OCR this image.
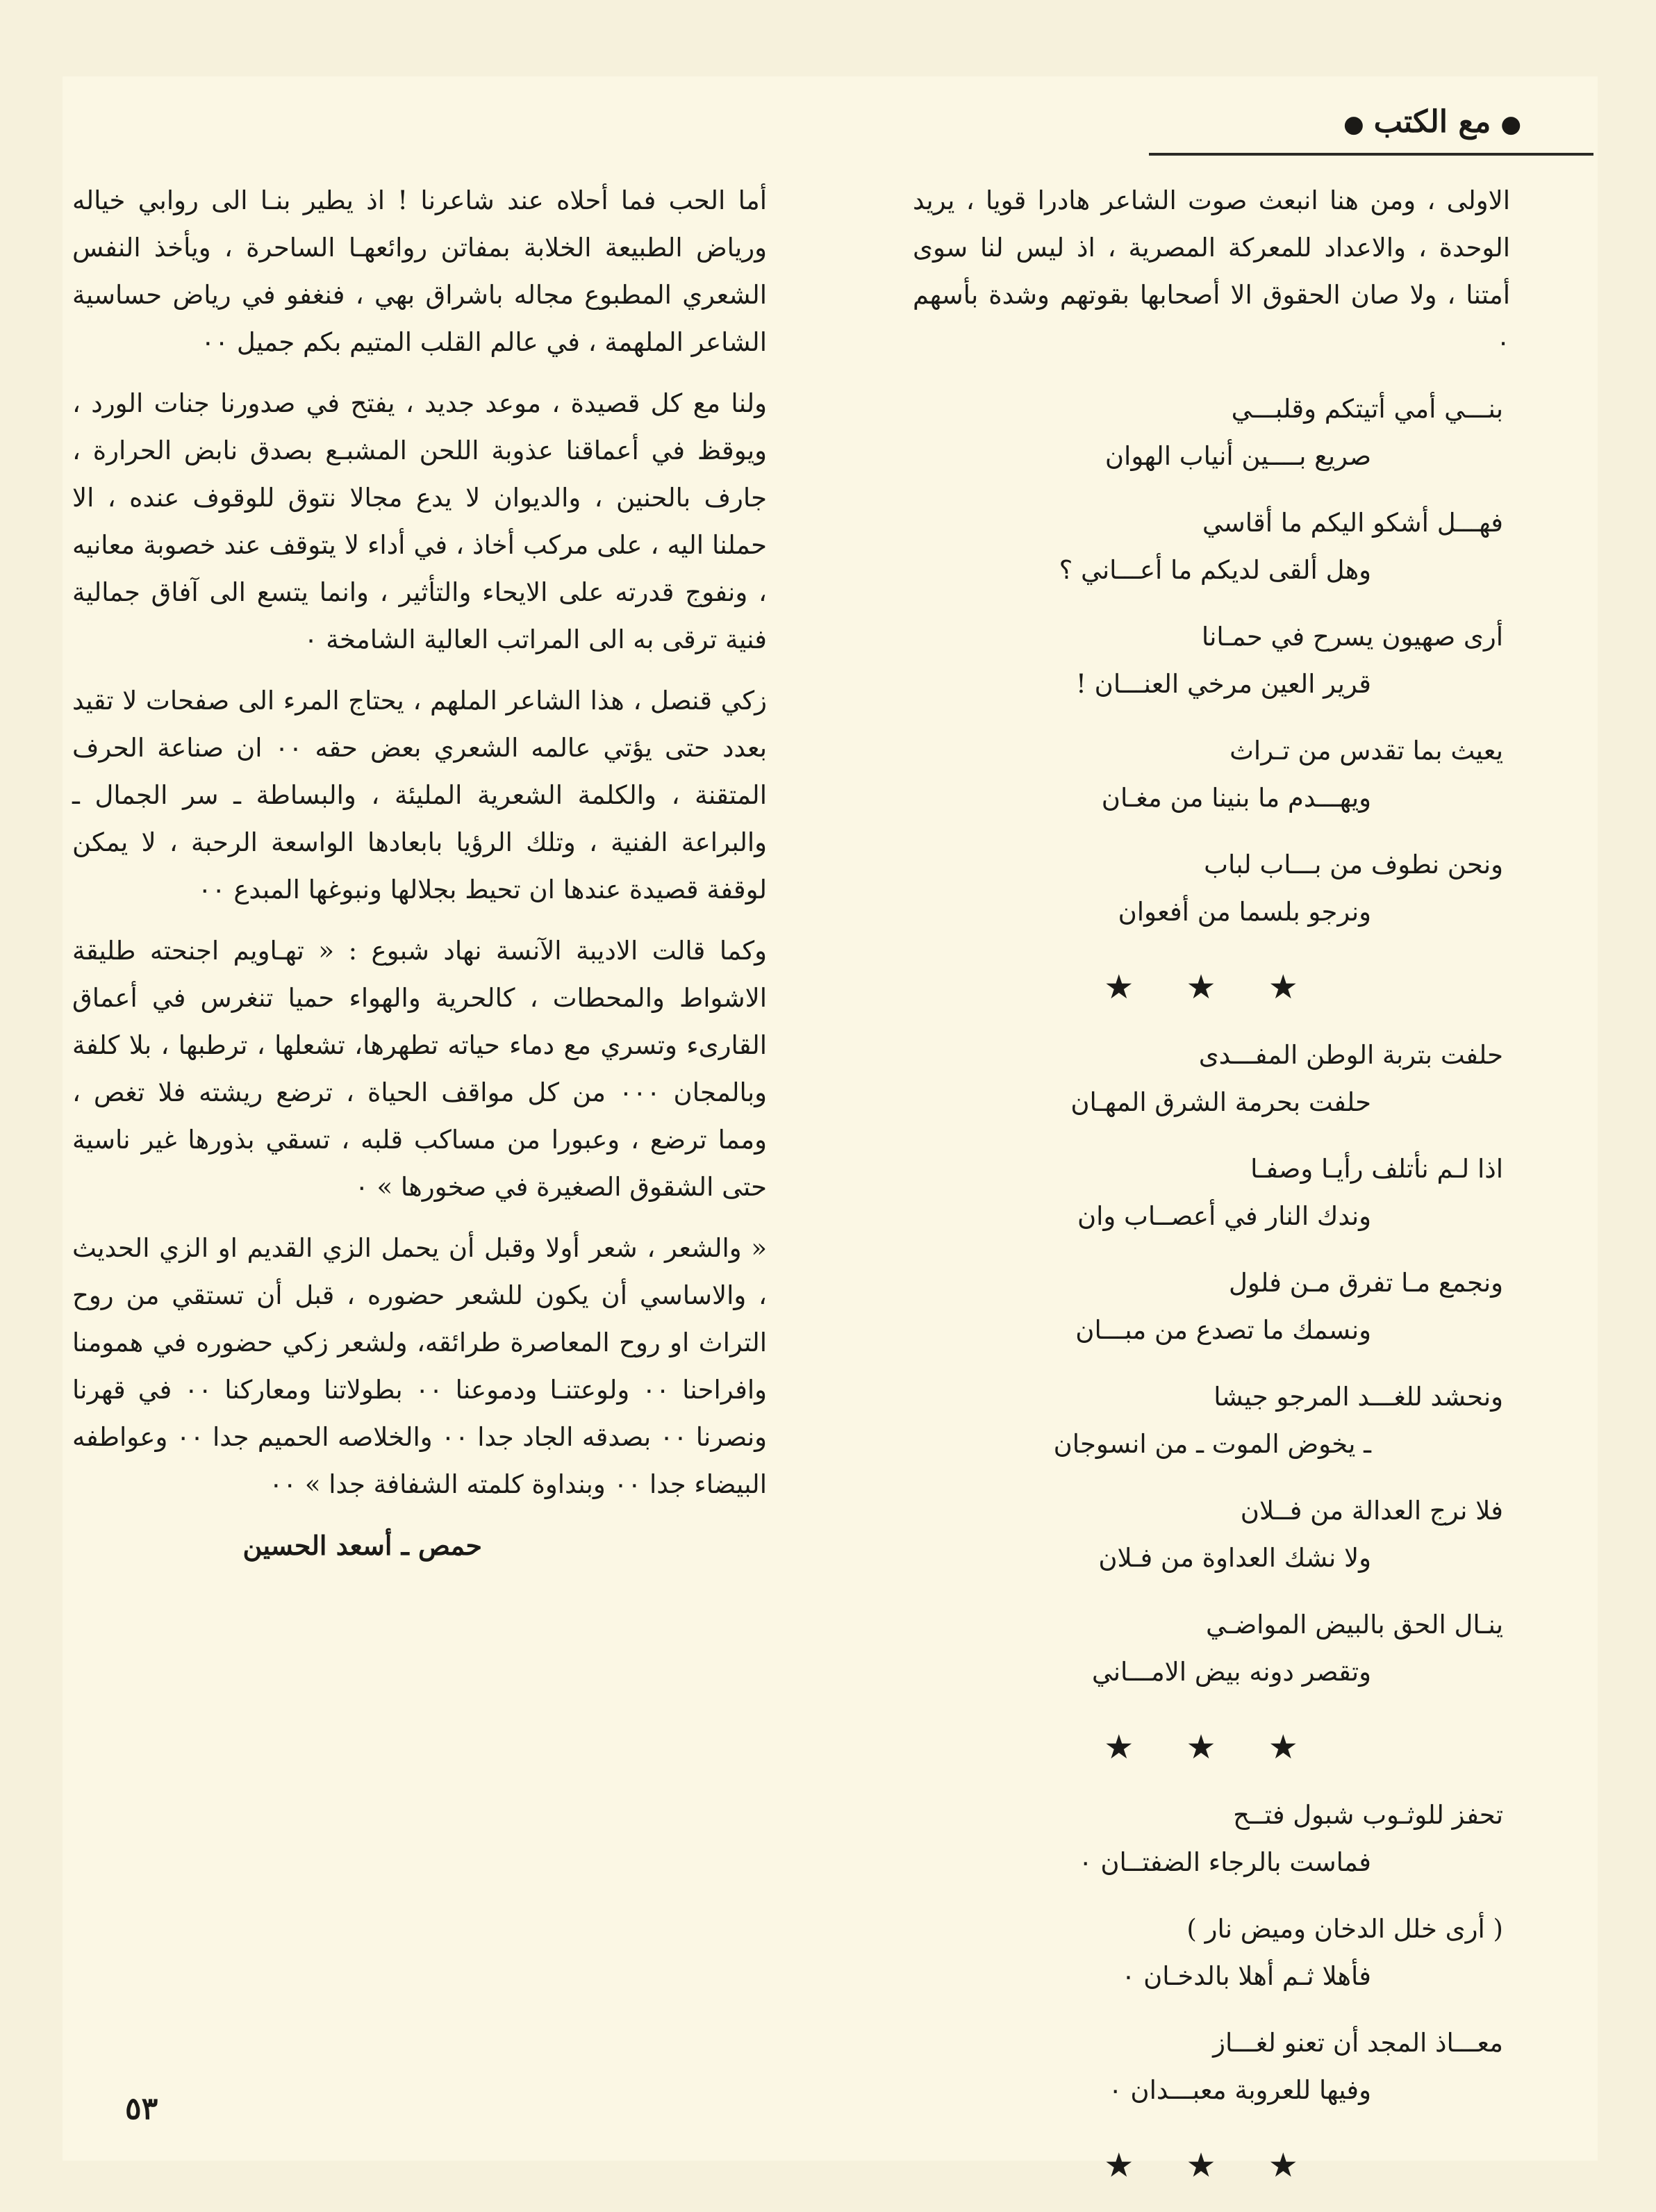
●مع الكتب●

الاولى ، ومن هنا انبعث صوت الشاعر هادرا قويا ، يريد الوحدة ، والاعداد للمعركة المصرية ، اذ ليس لنا سوى أمتنا ، ولا صان الحقوق الا أصحابها بقوتهم وشدة بأسهم ٠

بنـــي أمي أتيتكم وقلبـــي
صريع بــــين أنياب الهوان
فهـــل أشكو اليكم ما أقاسي
وهل ألقى لديكم ما أعـــاني ؟
أرى صهيون يسرح في حمـانا
قرير العين مرخي العنـــان !
يعيث بما تقدس من تـراث
ويهـــدم ما بنينا من مغـان
ونحن نطوف من بـــاب لباب
ونرجو بلسما من أفعوان
★ ★ ★
حلفت بتربة الوطن المفـــدى
حلفت بحرمة الشرق المهـان
اذا لـم نأتلف رأيـا وصفـا
وندك النار في أعصــاب وان
ونجمع مـا تفرق مـن فلول
ونسمك ما تصدع من مبـــان
ونحشد للغـــد المرجو جيشا
ـ يخوض الموت ـ من انسوجان
فلا نرج العدالة من فــلان
ولا نشك العداوة من فـلان
ينـال الحق بالبيض المواضـي
وتقصر دونه بيض الامـــاني
★ ★ ★
تحفز للوثـوب شبول فتــح
فماست بالرجاء الضفتــان ٠
( أرى خلل الدخان وميض نار )
فأهلا ثـم أهلا بالدخـان ٠
معـــاذ المجد أن تعنو لغـــاز
وفيها للعروبة معبـــدان ٠
★ ★ ★

أما الحب فما أحلاه عند شاعرنا ! اذ يطير بنـا الى روابي خياله ورياض الطبيعة الخلابة بمفاتن روائعهـا الساحرة ، ويأخذ النفس الشعري المطبوع مجاله باشراق بهي ، فنغفو في رياض حساسية الشاعر الملهمة ، في عالم القلب المتيم بكم جميل ٠٠

ولنا مع كل قصيدة ، موعد جديد ، يفتح في صدورنا جنات الورد ، ويوقظ في أعماقنا عذوبة اللحن المشبـع بصدق نابض الحرارة ، جارف بالحنين ، والديوان لا يدع مجالا نتوق للوقوف عنده ، الا حملنا اليه ، على مركب أخاذ ، في أداء لا يتوقف عند خصوبة معانيه ، ونفوج قدرته على الايحاء والتأثير ، وانما يتسع الى آفاق جمالية فنية ترقى به الى المراتب العالية الشامخة ٠

زكي قنصل ، هذا الشاعر الملهم ، يحتاج المرء الى صفحات لا تقيد بعدد حتى يؤتي عالمه الشعري بعض حقه ٠٠ ان صناعة الحرف المتقنة ، والكلمة الشعرية المليئة ، والبساطة ـ سر الجمال ـ والبراعة الفنية ، وتلك الرؤيا بابعادها الواسعة الرحبة ، لا يمكن لوقفة قصيدة عندها ان تحيط بجلالها ونبوغها المبدع ٠٠

وكما قالت الاديبة الآنسة نهاد شبوع : « تهـاويم اجنحته طليقة الاشواط والمحطات ، كالحرية والهواء حميا تنغرس في أعماق القارىء وتسري مع دماء حياته تطهرها، تشعلها ، ترطبها ، بلا كلفة وبالمجان ٠٠٠ من كل مواقف الحياة ، ترضع ريشته فلا تغص ، ومما ترضع ، وعبورا من مساكب قلبه ، تسقي بذورها غير ناسية حتى الشقوق الصغيرة في صخورها » ٠

« والشعر ، شعر أولا وقبل أن يحمل الزي القديم او الزي الحديث ، والاساسي أن يكون للشعر حضوره ، قبل أن تستقي من روح التراث او روح المعاصرة طرائقه، ولشعر زكي حضوره في همومنا وافراحنا ٠٠ ولوعتنـا ودموعنا ٠٠ بطولاتنا ومعاركنا ٠٠ في قهرنا ونصرنا ٠٠ بصدقه الجاد جدا ٠٠ والخلاصه الحميم جدا ٠٠ وعواطفه البيضاء جدا ٠٠ وبنداوة كلمته الشفافة جدا » ٠٠

حمص ـ أسعد الحسين
٥٣
